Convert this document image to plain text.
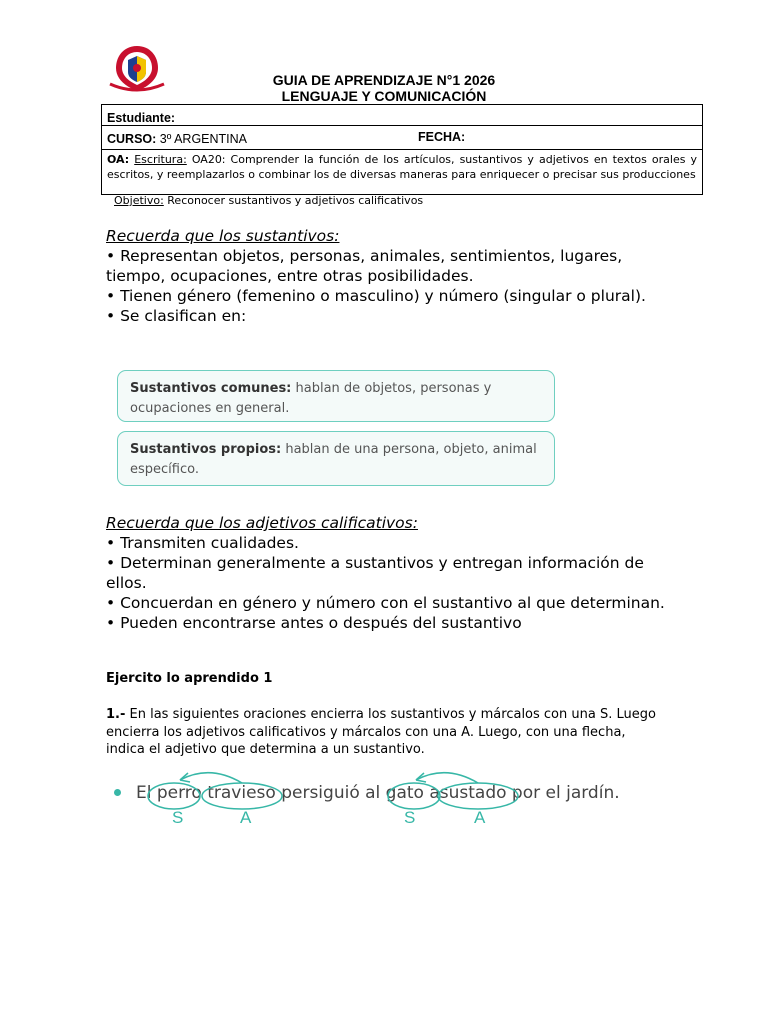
GUIA DE APRENDIZAJE N°1 2026
LENGUAJE Y COMUNICACIÓN
Estudiante:
CURSO: 3º ARGENTINA	FECHA:
OA: Escritura: OA20: Comprender la función de los artículos, sustantivos y adjetivos en textos orales y escritos, y reemplazarlos o combinar los de diversas maneras para enriquecer o precisar sus producciones
Objetivo: Reconocer sustantivos y adjetivos calificativos
Recuerda que los sustantivos:
• Representan objetos, personas, animales, sentimientos, lugares, tiempo, ocupaciones, entre otras posibilidades.
• Tienen género (femenino o masculino) y número (singular o plural).
• Se clasifican en:
Sustantivos comunes: hablan de objetos, personas y ocupaciones en general.
Sustantivos propios: hablan de una persona, objeto, animal específico.
Recuerda que los adjetivos calificativos:
• Transmiten cualidades.
• Determinan generalmente a sustantivos y entregan información de ellos.
• Concuerdan en género y número con el sustantivo al que determinan.
• Pueden encontrarse antes o después del sustantivo
Ejercito lo aprendido 1
1.- En las siguientes oraciones encierra los sustantivos y márcalos con una S. Luego encierra los adjetivos calificativos y márcalos con una A. Luego, con una flecha, indica el adjetivo que determina a un sustantivo.
El perro travieso persiguió al gato asustado por el jardín.
S	A	S	A
